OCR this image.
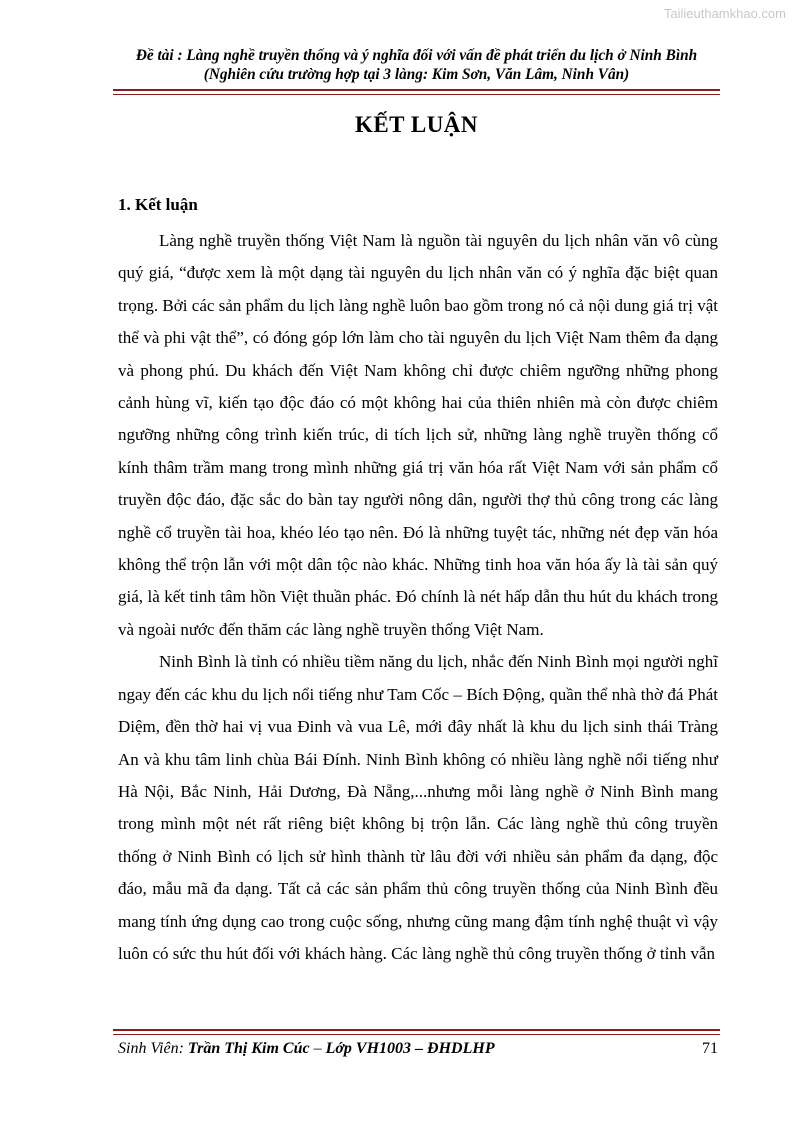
Tailieuthamkhao.com
Đề tài : Làng nghề truyền thống và ý nghĩa đối với vấn đề phát triển du lịch ở Ninh Bình
(Nghiên cứu trường hợp tại 3 làng: Kim Sơn, Văn Lâm, Ninh Vân)
KẾT LUẬN
1. Kết luận

Làng nghề truyền thống Việt Nam là nguồn tài nguyên du lịch nhân văn vô cùng quý giá, “được xem là một dạng tài nguyên du lịch nhân văn có ý nghĩa đặc biệt quan trọng. Bởi các sản phẩm du lịch làng nghề luôn bao gồm trong nó cả nội dung giá trị vật thể và phi vật thể”, có đóng góp lớn làm cho tài nguyên du lịch Việt Nam thêm đa dạng và phong phú. Du khách đến Việt Nam không chỉ được chiêm ngưỡng những phong cảnh hùng vĩ, kiến tạo độc đáo có một không hai của thiên nhiên mà còn được chiêm ngưỡng những công trình kiến trúc, di tích lịch sử, những làng nghề truyền thống cổ kính thâm trầm mang trong mình những giá trị văn hóa rất Việt Nam với sản phẩm cổ truyền độc đáo, đặc sắc do bàn tay người nông dân, người thợ thủ công trong các làng nghề cổ truyền tài hoa, khéo léo tạo nên. Đó là những tuyệt tác, những nét đẹp văn hóa không thể trộn lẫn với một dân tộc nào khác. Những tinh hoa văn hóa ấy là tài sản quý giá, là kết tinh tâm hồn Việt thuần phác. Đó chính là nét hấp dẫn thu hút du khách trong và ngoài nước đến thăm các làng nghề truyền thống Việt Nam.

Ninh Bình là tỉnh có nhiều tiềm năng du lịch, nhắc đến Ninh Bình mọi người nghĩ ngay đến các khu du lịch nổi tiếng như Tam Cốc – Bích Động, quần thể nhà thờ đá Phát Diệm, đền thờ hai vị vua Đinh và vua Lê, mới đây nhất là khu du lịch sinh thái Tràng An và khu tâm linh chùa Bái Đính. Ninh Bình không có nhiều làng nghề nổi tiếng như Hà Nội, Bắc Ninh, Hải Dương, Đà Nẵng,...nhưng mỗi làng nghề ở Ninh Bình mang trong mình một nét rất riêng biệt không bị trộn lẫn. Các làng nghề thủ công truyền thống ở Ninh Bình có lịch sử hình thành từ lâu đời với nhiều sản phẩm đa dạng, độc đáo, mẫu mã đa dạng. Tất cả các sản phẩm thủ công truyền thống của Ninh Bình đều mang tính ứng dụng cao trong cuộc sống, nhưng cũng mang đậm tính nghệ thuật vì vậy luôn có sức thu hút đối với khách hàng. Các làng nghề thủ công truyền thống ở tỉnh vẫn

Sinh Viên: Trần Thị Kim Cúc – Lớp VH1003 – ĐHDLHP	71
